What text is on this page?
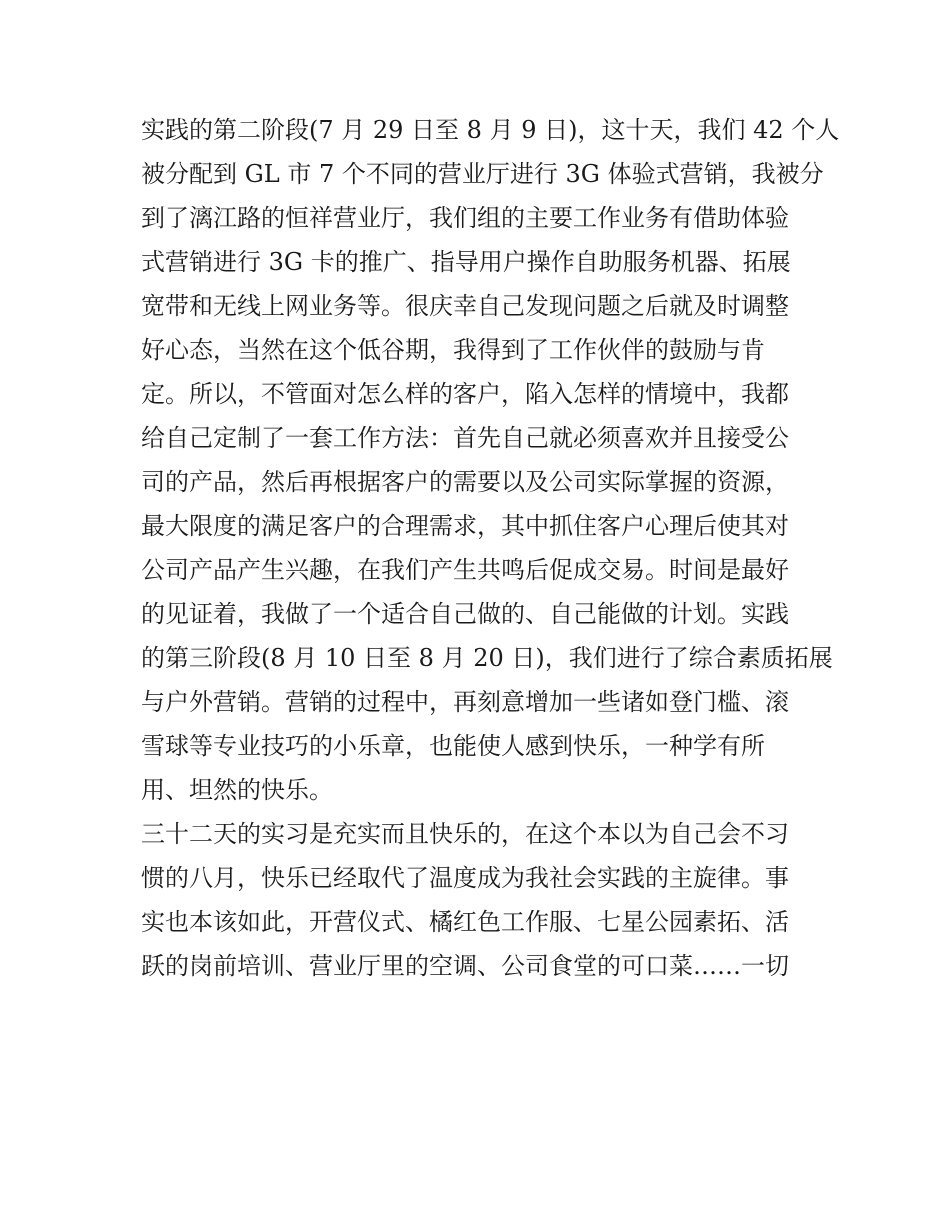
实践的第二阶段(7 月 29 日至 8 月 9 日)，这十天，我们 42 个人
被分配到 GL 市 7 个不同的营业厅进行 3G 体验式营销，我被分
到了漓江路的恒祥营业厅，我们组的主要工作业务有借助体验
式营销进行 3G 卡的推广、指导用户操作自助服务机器、拓展
宽带和无线上网业务等。很庆幸自己发现问题之后就及时调整
好心态，当然在这个低谷期，我得到了工作伙伴的鼓励与肯
定。所以，不管面对怎么样的客户，陷入怎样的情境中，我都
给自己定制了一套工作方法：首先自己就必须喜欢并且接受公
司的产品，然后再根据客户的需要以及公司实际掌握的资源，
最大限度的满足客户的合理需求，其中抓住客户心理后使其对
公司产品产生兴趣，在我们产生共鸣后促成交易。时间是最好
的见证着，我做了一个适合自己做的、自己能做的计划。实践
的第三阶段(8 月 10 日至 8 月 20 日)，我们进行了综合素质拓展
与户外营销。营销的过程中，再刻意增加一些诸如登门槛、滚
雪球等专业技巧的小乐章，也能使人感到快乐，一种学有所
用、坦然的快乐。
三十二天的实习是充实而且快乐的，在这个本以为自己会不习
惯的八月，快乐已经取代了温度成为我社会实践的主旋律。事
实也本该如此，开营仪式、橘红色工作服、七星公园素拓、活
跃的岗前培训、营业厅里的空调、公司食堂的可口菜……一切
